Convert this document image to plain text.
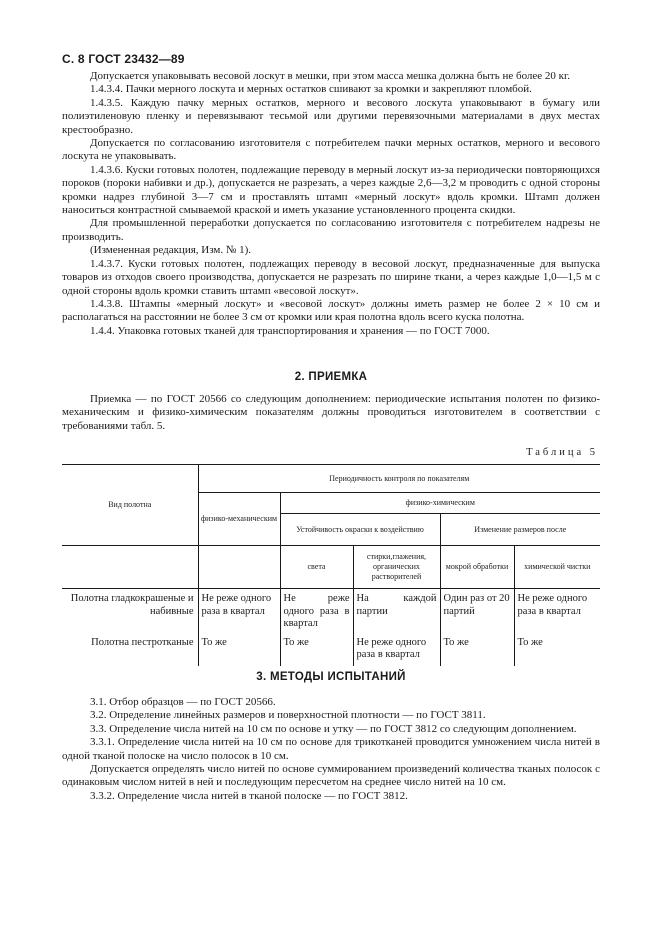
С. 8 ГОСТ 23432—89

Допускается упаковывать весовой лоскут в мешки, при этом масса мешка должна быть не более 20 кг.

1.4.3.4. Пачки мерного лоскута и мерных остатков сшивают за кромки и закрепляют пломбой.

1.4.3.5. Каждую пачку мерных остатков, мерного и весового лоскута упаковывают в бумагу или полиэтиленовую пленку и перевязывают тесьмой или другими перевязочными материалами в двух местах крестообразно.

Допускается по согласованию изготовителя с потребителем пачки мерных остатков, мерного и весового лоскута не упаковывать.

1.4.3.6. Куски готовых полотен, подлежащие переводу в мерный лоскут из-за периодически повторяющихся пороков (пороки набивки и др.), допускается не разрезать, а через каждые 2,6—3,2 м проводить с одной стороны кромки надрез глубиной 3—7 см и проставлять штамп «мерный лоскут» вдоль кромки. Штамп должен наноситься контрастной смываемой краской и иметь указание установленного процента скидки.

Для промышленной переработки допускается по согласованию изготовителя с потребителем надрезы не производить.

(Измененная редакция, Изм. № 1).

1.4.3.7. Куски готовых полотен, подлежащих переводу в весовой лоскут, предназначенные для выпуска товаров из отходов своего производства, допускается не разрезать по ширине ткани, а через каждые 1,0—1,5 м с одной стороны вдоль кромки ставить штамп «весовой лоскут».

1.4.3.8. Штампы «мерный лоскут» и «весовой лоскут» должны иметь размер не более 2 × 10 см и располагаться на расстоянии не более 3 см от кромки или края полотна вдоль всего куска полотна.

1.4.4. Упаковка готовых тканей для транспортирования и хранения — по ГОСТ 7000.

2. ПРИЕМКА

Приемка — по ГОСТ 20566 со следующим дополнением: периодические испытания полотен по физико-механическим и физико-химическим показателям должны проводиться изготовителем в соответствии с требованиями табл. 5.

Таблица 5
Вид полотна	Периодичность контроля по показателям				
	физико-механическим	физико-химическим			
		Устойчивость окраски к воздействию		Изменение размеров после	
		света	стирки,глажения, органических растворителей	мокрой обработки	химической чистки
Полотна гладкокрашеные и набивные	Не реже одного раза в квартал	Не реже одного раза в квартал	На каждой партии	Один раз от 20 партий	Не реже одного раза в квартал
Полотна пестротканые	То же	То же	Не реже одного раза в квартал	То же	То же
3. МЕТОДЫ ИСПЫТАНИЙ

3.1. Отбор образцов — по ГОСТ 20566.

3.2. Определение линейных размеров и поверхностной плотности — по ГОСТ 3811.

3.3. Определение числа нитей на 10 см по основе и утку — по ГОСТ 3812 со следующим дополнением.

3.3.1. Определение числа нитей на 10 см по основе для трикотканей проводится умножением числа нитей в одной тканой полоске на число полосок в 10 см.

Допускается определять число нитей по основе суммированием произведений количества тканых полосок с одинаковым числом нитей в ней и последующим пересчетом на среднее число нитей на 10 см.

3.3.2. Определение числа нитей в тканой полоске — по ГОСТ 3812.
